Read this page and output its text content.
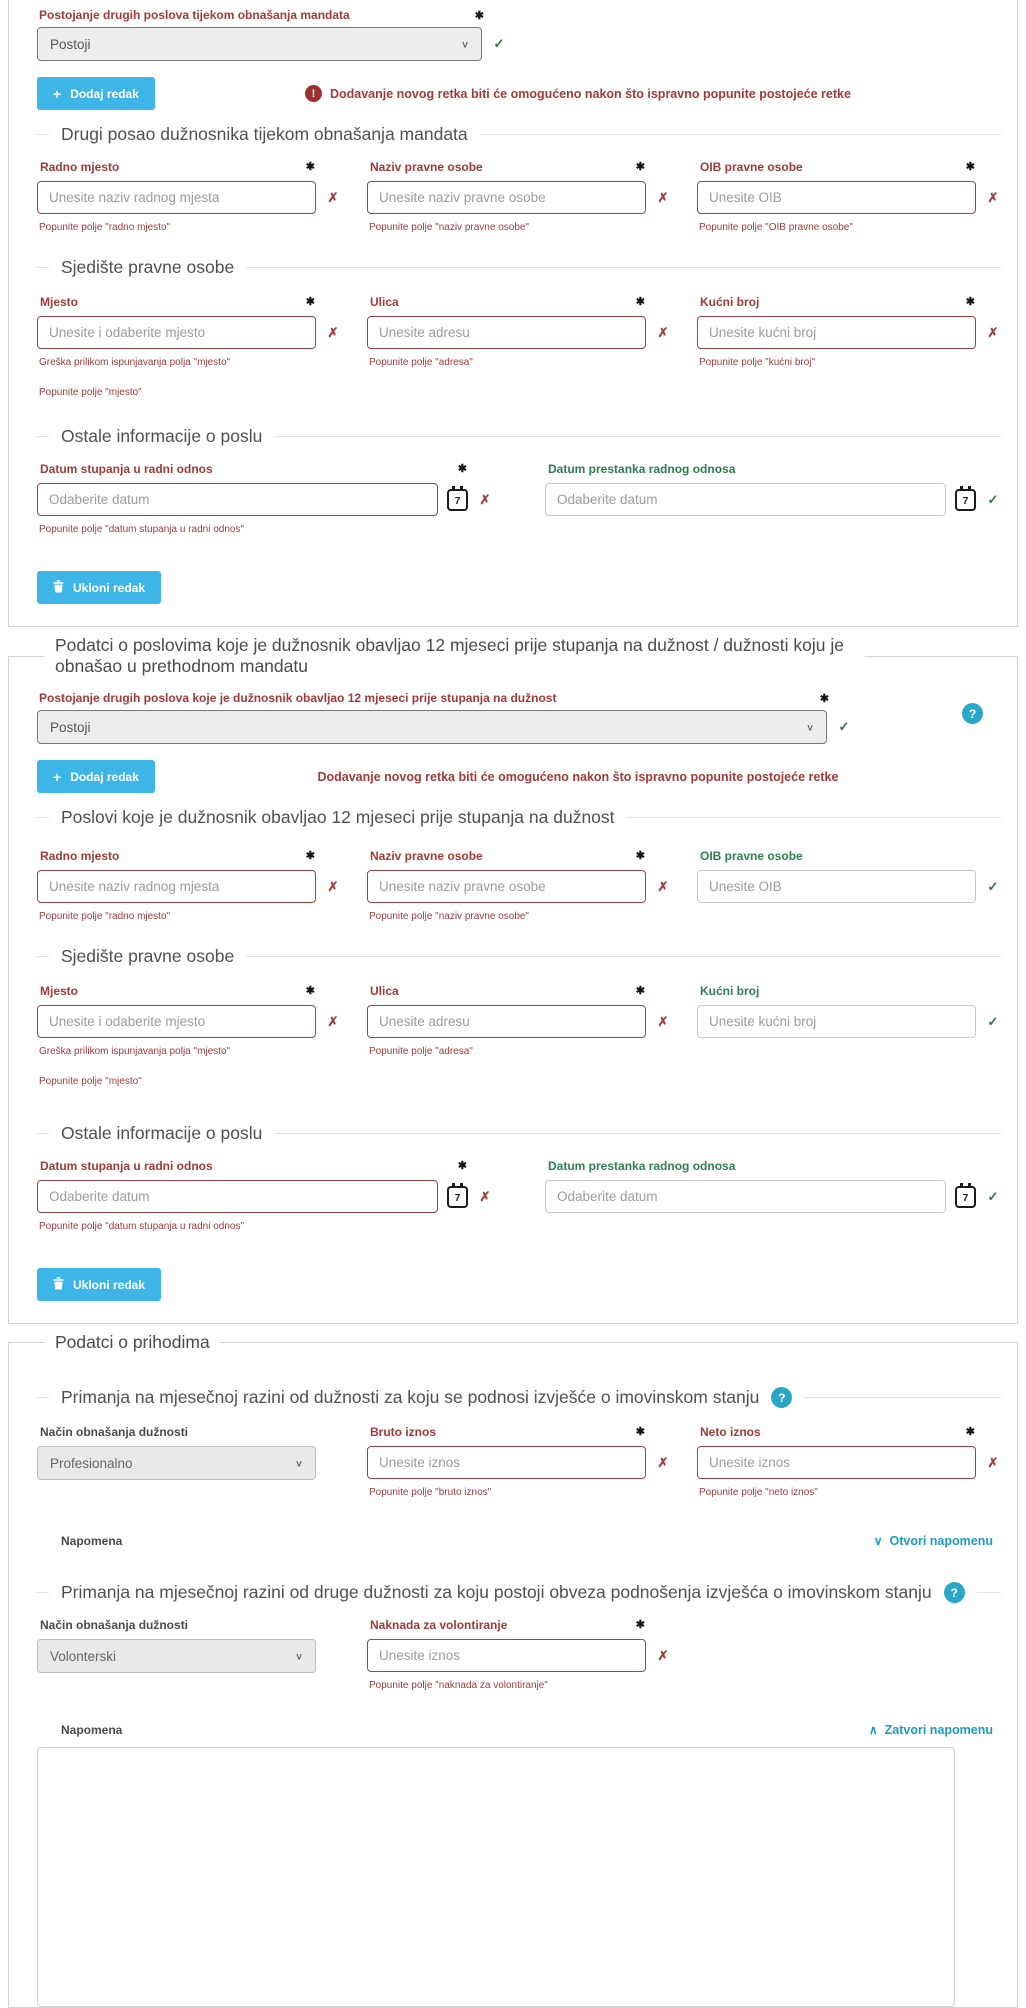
Postojanje drugih poslova tijekom obnašanja mandata	✱
Postoji	∨ ✓
+ Dodaj redak	!	Dodavanje novog retka biti će omogućeno nakon što ispravno popunite postojeće retke
Drugi posao dužnosnika tijekom obnašanja mandata
Radno mjesto	✱
Unesite naziv radnog mjesta
✗
Popunite polje "radno mjesto"
Naziv pravne osobe	✱
Unesite naziv pravne osobe
✗
Popunite polje "naziv pravne osobe"
OIB pravne osobe	✱
Unesite OIB
✗
Popunite polje "OIB pravne osobe"
Sjedište pravne osobe
Mjesto	✱
Unesite i odaberite mjesto
✗
Greška prilikom ispunjavanja polja "mjesto"
Popunite polje "mjesto"
Ulica	✱
Unesite adresu
✗
Popunite polje "adresa"
Kućni broj	✱
Unesite kućni broj
✗
Popunite polje "kućni broj"
Ostale informacije o poslu
Datum stupanja u radni odnos	✱
Odaberite datum
7 ✗
Popunite polje "datum stupanja u radni odnos"
Datum prestanka radnog odnosa
Odaberite datum
7 ✓
Ukloni redak
Podatci o poslovima koje je dužnosnik obavljao 12 mjeseci prije stupanja na dužnost / dužnosti koju je obnašao u prethodnom mandatu
?
Postojanje drugih poslova koje je dužnosnik obavljao 12 mjeseci prije stupanja na dužnost	✱
Postoji	∨ ✓
+ Dodaj redak	Dodavanje novog retka biti će omogućeno nakon što ispravno popunite postojeće retke
Poslovi koje je dužnosnik obavljao 12 mjeseci prije stupanja na dužnost
Radno mjesto	✱
Unesite naziv radnog mjesta
✗
Popunite polje "radno mjesto"
Naziv pravne osobe	✱
Unesite naziv pravne osobe
✗
Popunite polje "naziv pravne osobe"
OIB pravne osobe
Unesite OIB
✓
Sjedište pravne osobe
Mjesto	✱
Unesite i odaberite mjesto
✗
Greška prilikom ispunjavanja polja "mjesto"
Popunite polje "mjesto"
Ulica	✱
Unesite adresu
✗
Popunite polje "adresa"
Kućni broj
Unesite kućni broj
✓
Ostale informacije o poslu
Datum stupanja u radni odnos	✱
Odaberite datum
7 ✗
Popunite polje "datum stupanja u radni odnos"
Datum prestanka radnog odnosa
Odaberite datum
7 ✓
Ukloni redak
Podatci o prihodima
Primanja na mjesečnoj razini od dužnosti za koju se podnosi izvješće o imovinskom stanju	?
Način obnašanja dužnosti
Profesionalno	∨
Bruto iznos	✱
Unesite iznos
✗
Popunite polje "bruto iznos"
Neto iznos	✱
Unesite iznos
✗
Popunite polje "neto iznos"
Napomena	∨ Otvori napomenu
Primanja na mjesečnoj razini od druge dužnosti za koju postoji obveza podnošenja izvješća o imovinskom stanju	?
Način obnašanja dužnosti
Volonterski	∨
Naknada za volontiranje	✱
Unesite iznos
✗
Popunite polje "naknada za volontiranje"
Napomena	∧ Zatvori napomenu
